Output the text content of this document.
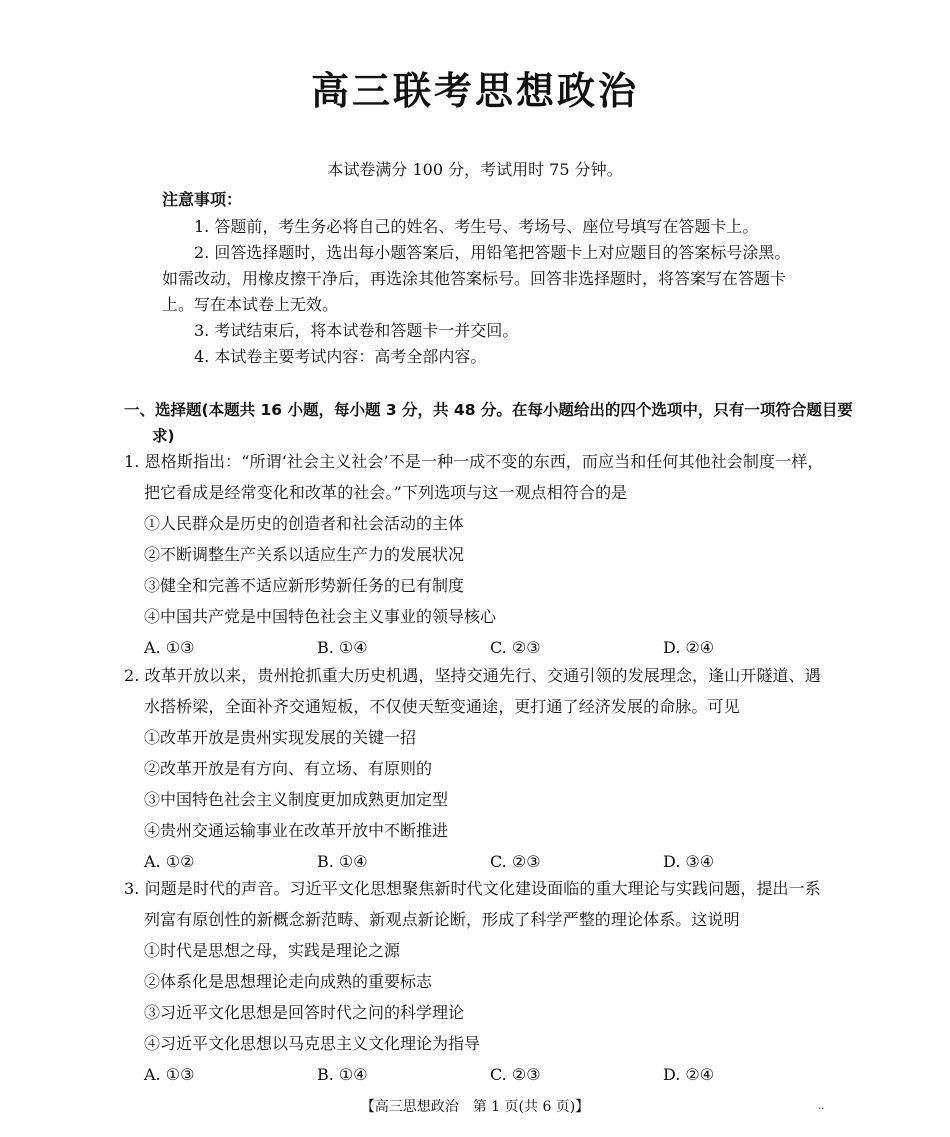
高三联考思想政治
本试卷满分 100 分，考试用时 75 分钟。
注意事项：
1. 答题前，考生务必将自己的姓名、考生号、考场号、座位号填写在答题卡上。
2. 回答选择题时，选出每小题答案后，用铅笔把答题卡上对应题目的答案标号涂黑。如需改动，用橡皮擦干净后，再选涂其他答案标号。回答非选择题时，将答案写在答题卡上。写在本试卷上无效。
3. 考试结束后，将本试卷和答题卡一并交回。
4. 本试卷主要考试内容：高考全部内容。
一、选择题(本题共 16 小题，每小题 3 分，共 48 分。在每小题给出的四个选项中，只有一项符合题目要求)
1. 恩格斯指出：“所谓‘社会主义社会’不是一种一成不变的东西，而应当和任何其他社会制度一样，把它看成是经常变化和改革的社会。”下列选项与这一观点相符合的是
①人民群众是历史的创造者和社会活动的主体
②不断调整生产关系以适应生产力的发展状况
③健全和完善不适应新形势新任务的已有制度
④中国共产党是中国特色社会主义事业的领导核心
A. ①③	B. ①④	C. ②③	D. ②④
2. 改革开放以来，贵州抢抓重大历史机遇，坚持交通先行、交通引领的发展理念，逢山开隧道、遇水搭桥梁，全面补齐交通短板，不仅使天堑变通途，更打通了经济发展的命脉。可见
①改革开放是贵州实现发展的关键一招
②改革开放是有方向、有立场、有原则的
③中国特色社会主义制度更加成熟更加定型
④贵州交通运输事业在改革开放中不断推进
A. ①②	B. ①④	C. ②③	D. ③④
3. 问题是时代的声音。习近平文化思想聚焦新时代文化建设面临的重大理论与实践问题，提出一系列富有原创性的新概念新范畴、新观点新论断，形成了科学严整的理论体系。这说明
①时代是思想之母，实践是理论之源
②体系化是思想理论走向成熟的重要标志
③习近平文化思想是回答时代之问的科学理论
④习近平文化思想以马克思主义文化理论为指导
A. ①③	B. ①④	C. ②③	D. ②④
【高三思想政治　第 1 页(共 6 页)】	..
